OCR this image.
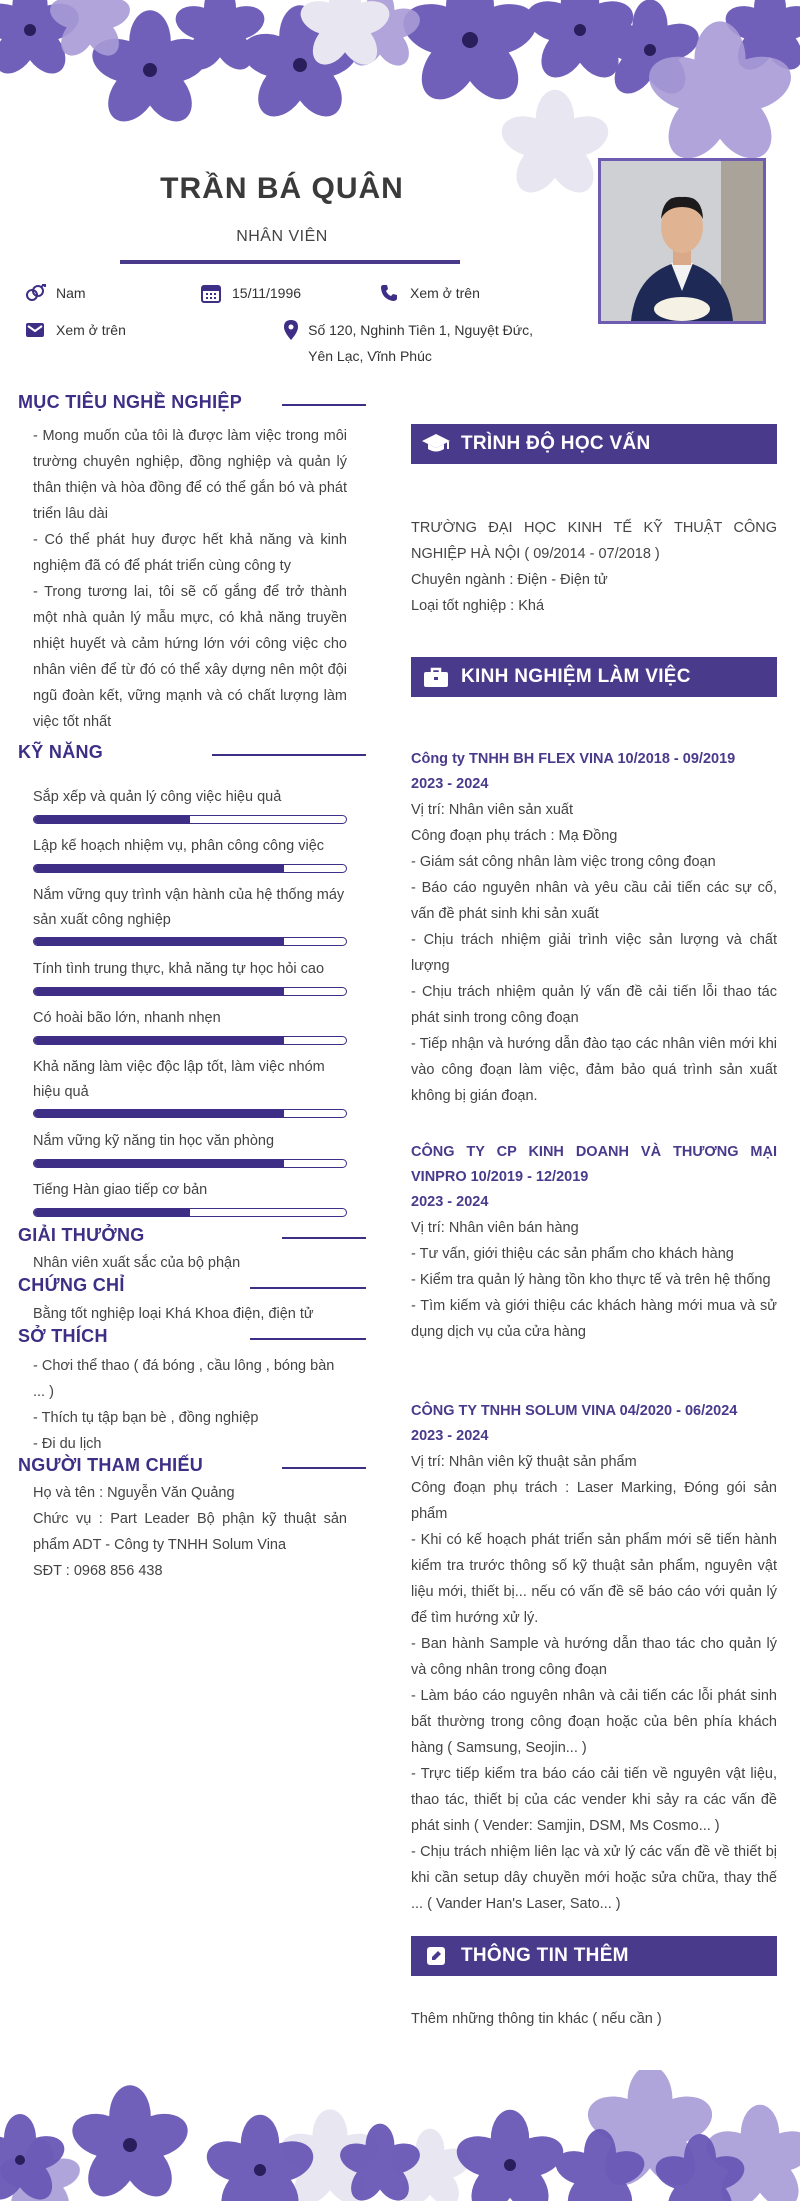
TRẦN BÁ QUÂN
NHÂN VIÊN
Nam	15/11/1996	Xem ở trên
Xem ở trên	Số 120, Nghinh Tiên 1, Nguyệt Đức, Yên Lạc, Vĩnh Phúc
MỤC TIÊU NGHỀ NGHIỆP

- Mong muốn của tôi là được làm việc trong môi trường chuyên nghiệp, đồng nghiệp và quản lý thân thiện và hòa đồng để có thể gắn bó và phát triển lâu dài

- Có thể phát huy được hết khả năng và kinh nghiệm đã có để phát triển cùng công ty

- Trong tương lai, tôi sẽ cố gắng để trở thành một nhà quản lý mẫu mực, có khả năng truyền nhiệt huyết và cảm hứng lớn với công việc cho nhân viên để từ đó có thể xây dựng nên một đội ngũ đoàn kết, vững mạnh và có chất lượng làm việc tốt nhất

KỸ NĂNG
Sắp xếp và quản lý công việc hiệu quả
Lập kế hoạch nhiệm vụ, phân công công việc
Nắm vững quy trình vận hành của hệ thống máy sản xuất công nghiệp
Tính tình trung thực, khả năng tự học hỏi cao
Có hoài bão lớn, nhanh nhẹn
Khả năng làm việc độc lập tốt, làm việc nhóm hiệu quả
Nắm vững kỹ năng tin học văn phòng
Tiếng Hàn giao tiếp cơ bản
GIẢI THƯỞNG
Nhân viên xuất sắc của bộ phận
CHỨNG CHỈ
Bằng tốt nghiệp loại Khá Khoa điện, điện tử
SỞ THÍCH

- Chơi thể thao ( đá bóng , cầu lông , bóng bàn ... )

- Thích tụ tập bạn bè , đồng nghiệp

- Đi du lịch

NGƯỜI THAM CHIẾU

Họ và tên : Nguyễn Văn Quảng

Chức vụ : Part Leader Bộ phận kỹ thuật sản phẩm ADT - Công ty TNHH Solum Vina

SĐT : 0968 856 438

TRÌNH ĐỘ HỌC VẤN

TRƯỜNG ĐẠI HỌC KINH TẾ KỸ THUẬT CÔNG NGHIỆP HÀ NỘI ( 09/2014 - 07/2018 )

Chuyên ngành : Điện - Điện tử

Loại tốt nghiệp : Khá

KINH NGHIỆM LÀM VIỆC
Công ty TNHH BH FLEX VINA 10/2018 - 09/2019
2023 - 2024

Vị trí: Nhân viên sản xuất

Công đoạn phụ trách : Mạ Đồng

- Giám sát công nhân làm việc trong công đoạn

- Báo cáo nguyên nhân và yêu cầu cải tiến các sự cố, vấn đề phát sinh khi sản xuất

- Chịu trách nhiệm giải trình việc sản lượng và chất lượng

- Chịu trách nhiệm quản lý vấn đề cải tiến lỗi thao tác phát sinh trong công đoạn

- Tiếp nhận và hướng dẫn đào tạo các nhân viên mới khi vào công đoạn làm việc, đảm bảo quá trình sản xuất không bị gián đoạn.

CÔNG TY CP KINH DOANH VÀ THƯƠNG MẠI VINPRO 10/2019 - 12/2019
2023 - 2024

Vị trí: Nhân viên bán hàng

- Tư vấn, giới thiệu các sản phẩm cho khách hàng

- Kiểm tra quản lý hàng tồn kho thực tế và trên hệ thống

- Tìm kiếm và giới thiệu các khách hàng mới mua và sử dụng dịch vụ của cửa hàng

CÔNG TY TNHH SOLUM VINA 04/2020 - 06/2024
2023 - 2024

Vị trí: Nhân viên kỹ thuật sản phẩm

Công đoạn phụ trách : Laser Marking, Đóng gói sản phẩm

- Khi có kế hoạch phát triển sản phẩm mới sẽ tiến hành kiểm tra trước thông số kỹ thuật sản phẩm, nguyên vật liệu mới, thiết bị... nếu có vấn đề sẽ báo cáo với quản lý để tìm hướng xử lý.

- Ban hành Sample và hướng dẫn thao tác cho quản lý và công nhân trong công đoạn

- Làm báo cáo nguyên nhân và cải tiến các lỗi phát sinh bất thường trong công đoạn hoặc của bên phía khách hàng ( Samsung, Seojin... )

- Trực tiếp kiểm tra báo cáo cải tiến về nguyên vật liệu, thao tác, thiết bị của các vender khi sảy ra các vấn đề phát sinh ( Vender: Samjin, DSM, Ms Cosmo... )

- Chịu trách nhiệm liên lạc và xử lý các vấn đề về thiết bị khi cần setup dây chuyền mới hoặc sửa chữa, thay thế ... ( Vander Han's Laser, Sato... )

THÔNG TIN THÊM
Thêm những thông tin khác ( nếu cần )
